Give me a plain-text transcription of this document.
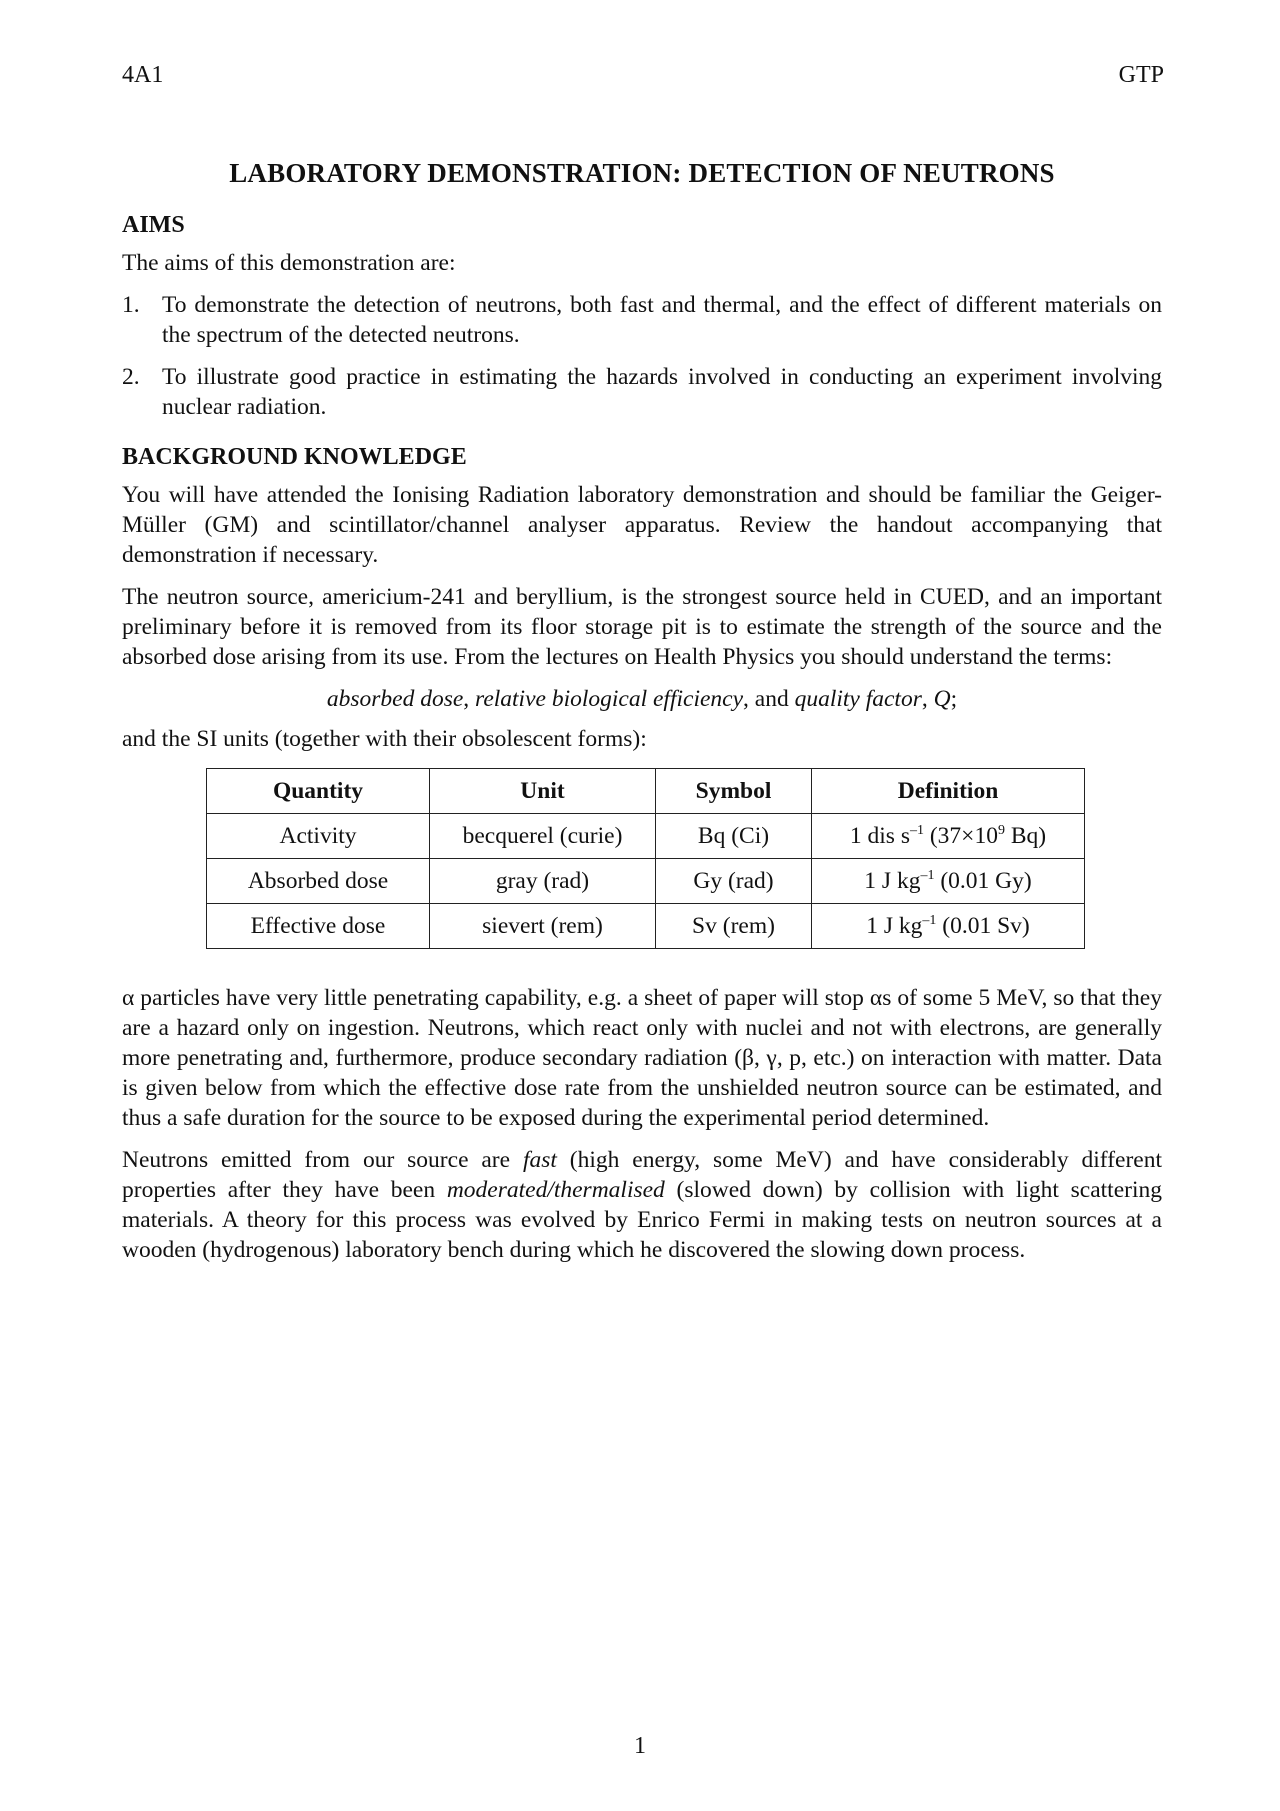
4A1	GTP
LABORATORY DEMONSTRATION: DETECTION OF NEUTRONS
AIMS

The aims of this demonstration are:

1. To demonstrate the detection of neutrons, both fast and thermal, and the effect of different materials on the spectrum of the detected neutrons.
2. To illustrate good practice in estimating the hazards involved in conducting an experiment involving nuclear radiation.
BACKGROUND KNOWLEDGE

You will have attended the Ionising Radiation laboratory demonstration and should be familiar the Geiger-Müller (GM) and scintillator/channel analyser apparatus. Review the handout accompanying that demonstration if necessary.

The neutron source, americium-241 and beryllium, is the strongest source held in CUED, and an important preliminary before it is removed from its floor storage pit is to estimate the strength of the source and the absorbed dose arising from its use. From the lectures on Health Physics you should understand the terms:

absorbed dose, relative biological efficiency, and quality factor, Q;

and the SI units (together with their obsolescent forms):

Quantity	Unit	Symbol	Definition
Activity	becquerel (curie)	Bq (Ci)	1 dis $s^{-1}$ ($37\times 10^9$ Bq)
Absorbed dose	gray (rad)	Gy (rad)	1 J $kg^{-1}$ (0.01 Gy)
Effective dose	sievert (rem)	Sv (rem)	1 J $kg^{-1}$ (0.01 Sv)

α particles have very little penetrating capability, e.g. a sheet of paper will stop αs of some 5 MeV, so that they are a hazard only on ingestion. Neutrons, which react only with nuclei and not with electrons, are generally more penetrating and, furthermore, produce secondary radiation (β, γ, p, etc.) on interaction with matter. Data is given below from which the effective dose rate from the unshielded neutron source can be estimated, and thus a safe duration for the source to be exposed during the experimental period determined.

Neutrons emitted from our source are fast (high energy, some MeV) and have considerably different properties after they have been moderated/thermalised (slowed down) by collision with light scattering materials. A theory for this process was evolved by Enrico Fermi in making tests on neutron sources at a wooden (hydrogenous) laboratory bench during which he discovered the slowing down process.

1
